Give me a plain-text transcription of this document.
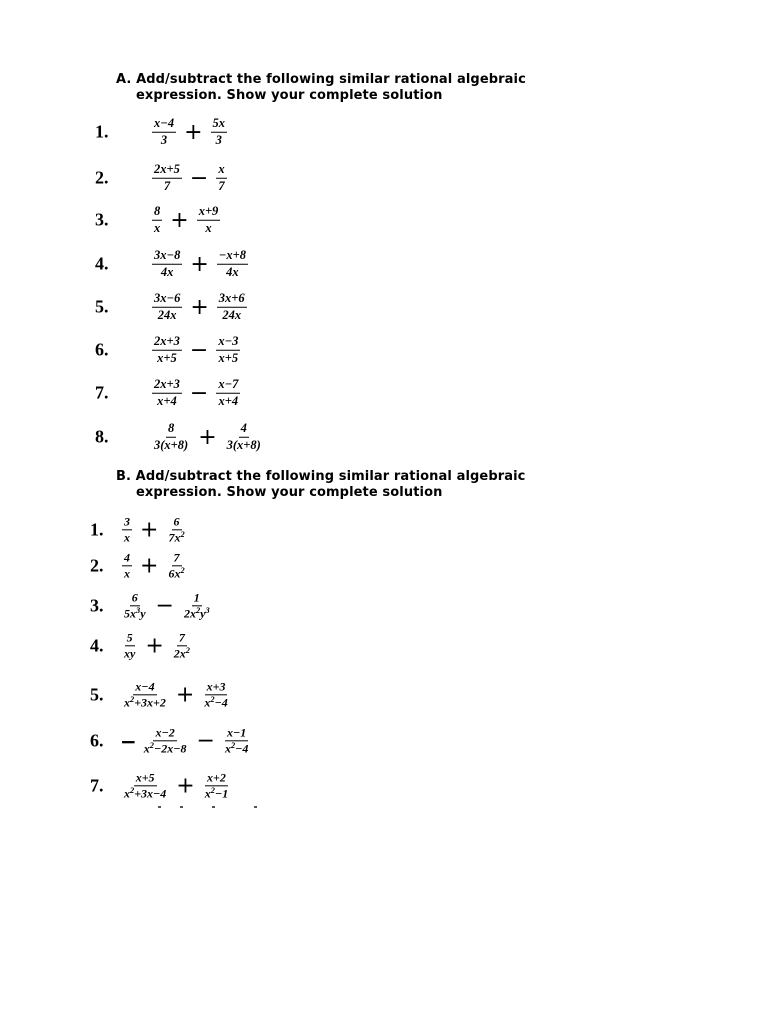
A. Add/subtract the following similar rational algebraic
expression. Show your complete solution
1.	$\frac{x-4}{3} + \frac{5x}{3}$
2.	$\frac{2x+5}{7} - \frac{x}{7}$
3.	$\frac{8}{x} + \frac{x+9}{x}$
4.	$\frac{3x-8}{4x} + \frac{-x+8}{4x}$
5.	$\frac{3x-6}{24x} + \frac{3x+6}{24x}$
6.	$\frac{2x+3}{x+5} - \frac{x-3}{x+5}$
7.	$\frac{2x+3}{x+4} - \frac{x-7}{x+4}$
8.	$\frac{8}{3(x+8)} + \frac{4}{3(x+8)}$
B. Add/subtract the following similar rational algebraic
expression. Show your complete solution
1. $\frac{3}{x} + \frac{6}{7x^2}$
2. $\frac{4}{x} + \frac{7}{6x^2}$
3. $\frac{6}{5x^3y} - \frac{1}{2x^2y^3}$
4. $\frac{5}{xy} + \frac{7}{2x^2}$
5. $\frac{x-4}{x^2+3x+2} + \frac{x+3}{x^2-4}$
6. − $\frac{x-2}{x^2-2x-8} - \frac{x-1}{x^2-4}$
7. $\frac{x+5}{x^2+3x-4} + \frac{x+2}{x^2-1}$
